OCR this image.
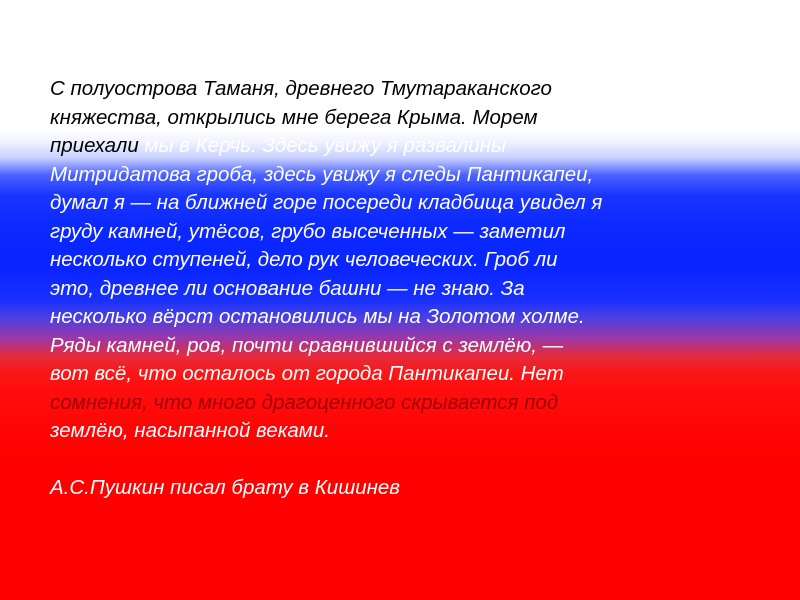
С полуострова Таманя, древнего Тмутараканского
княжества, открылись мне берега Крыма. Морем
приехали мы в Керчь. Здесь увижу я развалины
Митридатова гроба, здесь увижу я следы Пантикапеи,
думал я — на ближней горе посереди кладбища увидел я
груду камней, утёсов, грубо высеченных — заметил
несколько ступеней, дело рук человеческих. Гроб ли
это, древнее ли основание башни — не знаю. За
несколько вёрст остановились мы на Золотом холме.
Ряды камней, ров, почти сравнившийся с землёю, —
вот всё, что осталось от города Пантикапеи. Нет
сомнения, что много драгоценного скрывается под
землёю, насыпанной веками.
А.С.Пушкин писал брату в Кишинев
